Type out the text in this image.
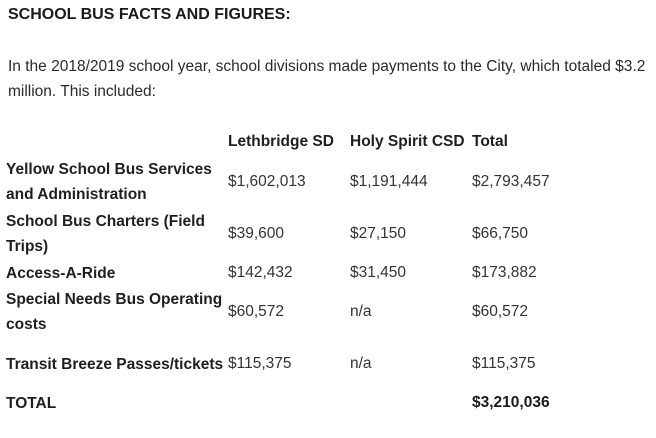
SCHOOL BUS FACTS AND FIGURES:
In the 2018/2019 school year, school divisions made payments to the City, which totaled $3.2 million. This included:
	Lethbridge SD	Holy Spirit CSD	Total
Yellow School Bus Services and Administration	$1,602,013	$1,191,444	$2,793,457
School Bus Charters (Field Trips)	$39,600	$27,150	$66,750
Access-A-Ride	$142,432	$31,450	$173,882
Special Needs Bus Operating costs	$60,572	n/a	$60,572
Transit Breeze Passes/tickets	$115,375	n/a	$115,375
TOTAL			$3,210,036
